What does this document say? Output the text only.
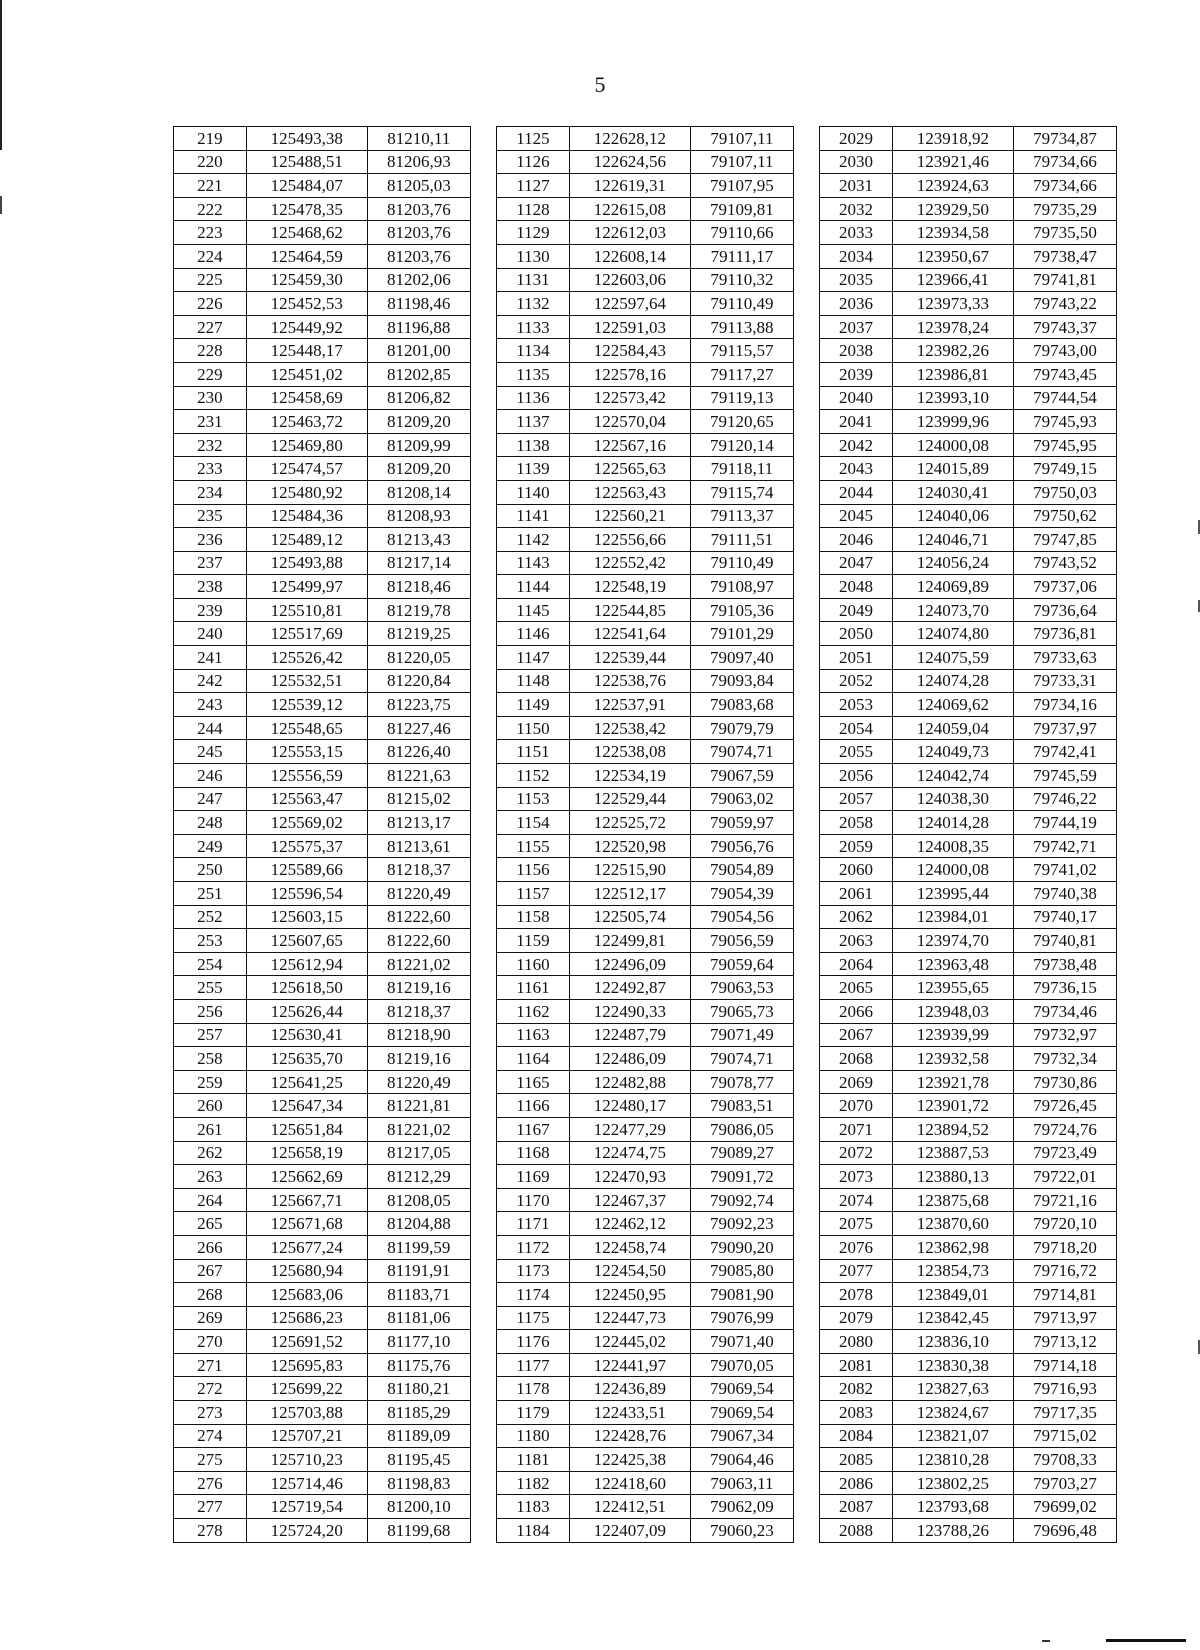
5
219	125493,38	81210,11		1125	122628,12	79107,11		2029	123918,92	79734,87
220	125488,51	81206,93		1126	122624,56	79107,11		2030	123921,46	79734,66
221	125484,07	81205,03		1127	122619,31	79107,95		2031	123924,63	79734,66
222	125478,35	81203,76		1128	122615,08	79109,81		2032	123929,50	79735,29
223	125468,62	81203,76		1129	122612,03	79110,66		2033	123934,58	79735,50
224	125464,59	81203,76		1130	122608,14	79111,17		2034	123950,67	79738,47
225	125459,30	81202,06		1131	122603,06	79110,32		2035	123966,41	79741,81
226	125452,53	81198,46		1132	122597,64	79110,49		2036	123973,33	79743,22
227	125449,92	81196,88		1133	122591,03	79113,88		2037	123978,24	79743,37
228	125448,17	81201,00		1134	122584,43	79115,57		2038	123982,26	79743,00
229	125451,02	81202,85		1135	122578,16	79117,27		2039	123986,81	79743,45
230	125458,69	81206,82		1136	122573,42	79119,13		2040	123993,10	79744,54
231	125463,72	81209,20		1137	122570,04	79120,65		2041	123999,96	79745,93
232	125469,80	81209,99		1138	122567,16	79120,14		2042	124000,08	79745,95
233	125474,57	81209,20		1139	122565,63	79118,11		2043	124015,89	79749,15
234	125480,92	81208,14		1140	122563,43	79115,74		2044	124030,41	79750,03
235	125484,36	81208,93		1141	122560,21	79113,37		2045	124040,06	79750,62
236	125489,12	81213,43		1142	122556,66	79111,51		2046	124046,71	79747,85
237	125493,88	81217,14		1143	122552,42	79110,49		2047	124056,24	79743,52
238	125499,97	81218,46		1144	122548,19	79108,97		2048	124069,89	79737,06
239	125510,81	81219,78		1145	122544,85	79105,36		2049	124073,70	79736,64
240	125517,69	81219,25		1146	122541,64	79101,29		2050	124074,80	79736,81
241	125526,42	81220,05		1147	122539,44	79097,40		2051	124075,59	79733,63
242	125532,51	81220,84		1148	122538,76	79093,84		2052	124074,28	79733,31
243	125539,12	81223,75		1149	122537,91	79083,68		2053	124069,62	79734,16
244	125548,65	81227,46		1150	122538,42	79079,79		2054	124059,04	79737,97
245	125553,15	81226,40		1151	122538,08	79074,71		2055	124049,73	79742,41
246	125556,59	81221,63		1152	122534,19	79067,59		2056	124042,74	79745,59
247	125563,47	81215,02		1153	122529,44	79063,02		2057	124038,30	79746,22
248	125569,02	81213,17		1154	122525,72	79059,97		2058	124014,28	79744,19
249	125575,37	81213,61		1155	122520,98	79056,76		2059	124008,35	79742,71
250	125589,66	81218,37		1156	122515,90	79054,89		2060	124000,08	79741,02
251	125596,54	81220,49		1157	122512,17	79054,39		2061	123995,44	79740,38
252	125603,15	81222,60		1158	122505,74	79054,56		2062	123984,01	79740,17
253	125607,65	81222,60		1159	122499,81	79056,59		2063	123974,70	79740,81
254	125612,94	81221,02		1160	122496,09	79059,64		2064	123963,48	79738,48
255	125618,50	81219,16		1161	122492,87	79063,53		2065	123955,65	79736,15
256	125626,44	81218,37		1162	122490,33	79065,73		2066	123948,03	79734,46
257	125630,41	81218,90		1163	122487,79	79071,49		2067	123939,99	79732,97
258	125635,70	81219,16		1164	122486,09	79074,71		2068	123932,58	79732,34
259	125641,25	81220,49		1165	122482,88	79078,77		2069	123921,78	79730,86
260	125647,34	81221,81		1166	122480,17	79083,51		2070	123901,72	79726,45
261	125651,84	81221,02		1167	122477,29	79086,05		2071	123894,52	79724,76
262	125658,19	81217,05		1168	122474,75	79089,27		2072	123887,53	79723,49
263	125662,69	81212,29		1169	122470,93	79091,72		2073	123880,13	79722,01
264	125667,71	81208,05		1170	122467,37	79092,74		2074	123875,68	79721,16
265	125671,68	81204,88		1171	122462,12	79092,23		2075	123870,60	79720,10
266	125677,24	81199,59		1172	122458,74	79090,20		2076	123862,98	79718,20
267	125680,94	81191,91		1173	122454,50	79085,80		2077	123854,73	79716,72
268	125683,06	81183,71		1174	122450,95	79081,90		2078	123849,01	79714,81
269	125686,23	81181,06		1175	122447,73	79076,99		2079	123842,45	79713,97
270	125691,52	81177,10		1176	122445,02	79071,40		2080	123836,10	79713,12
271	125695,83	81175,76		1177	122441,97	79070,05		2081	123830,38	79714,18
272	125699,22	81180,21		1178	122436,89	79069,54		2082	123827,63	79716,93
273	125703,88	81185,29		1179	122433,51	79069,54		2083	123824,67	79717,35
274	125707,21	81189,09		1180	122428,76	79067,34		2084	123821,07	79715,02
275	125710,23	81195,45		1181	122425,38	79064,46		2085	123810,28	79708,33
276	125714,46	81198,83		1182	122418,60	79063,11		2086	123802,25	79703,27
277	125719,54	81200,10		1183	122412,51	79062,09		2087	123793,68	79699,02
278	125724,20	81199,68		1184	122407,09	79060,23		2088	123788,26	79696,48
